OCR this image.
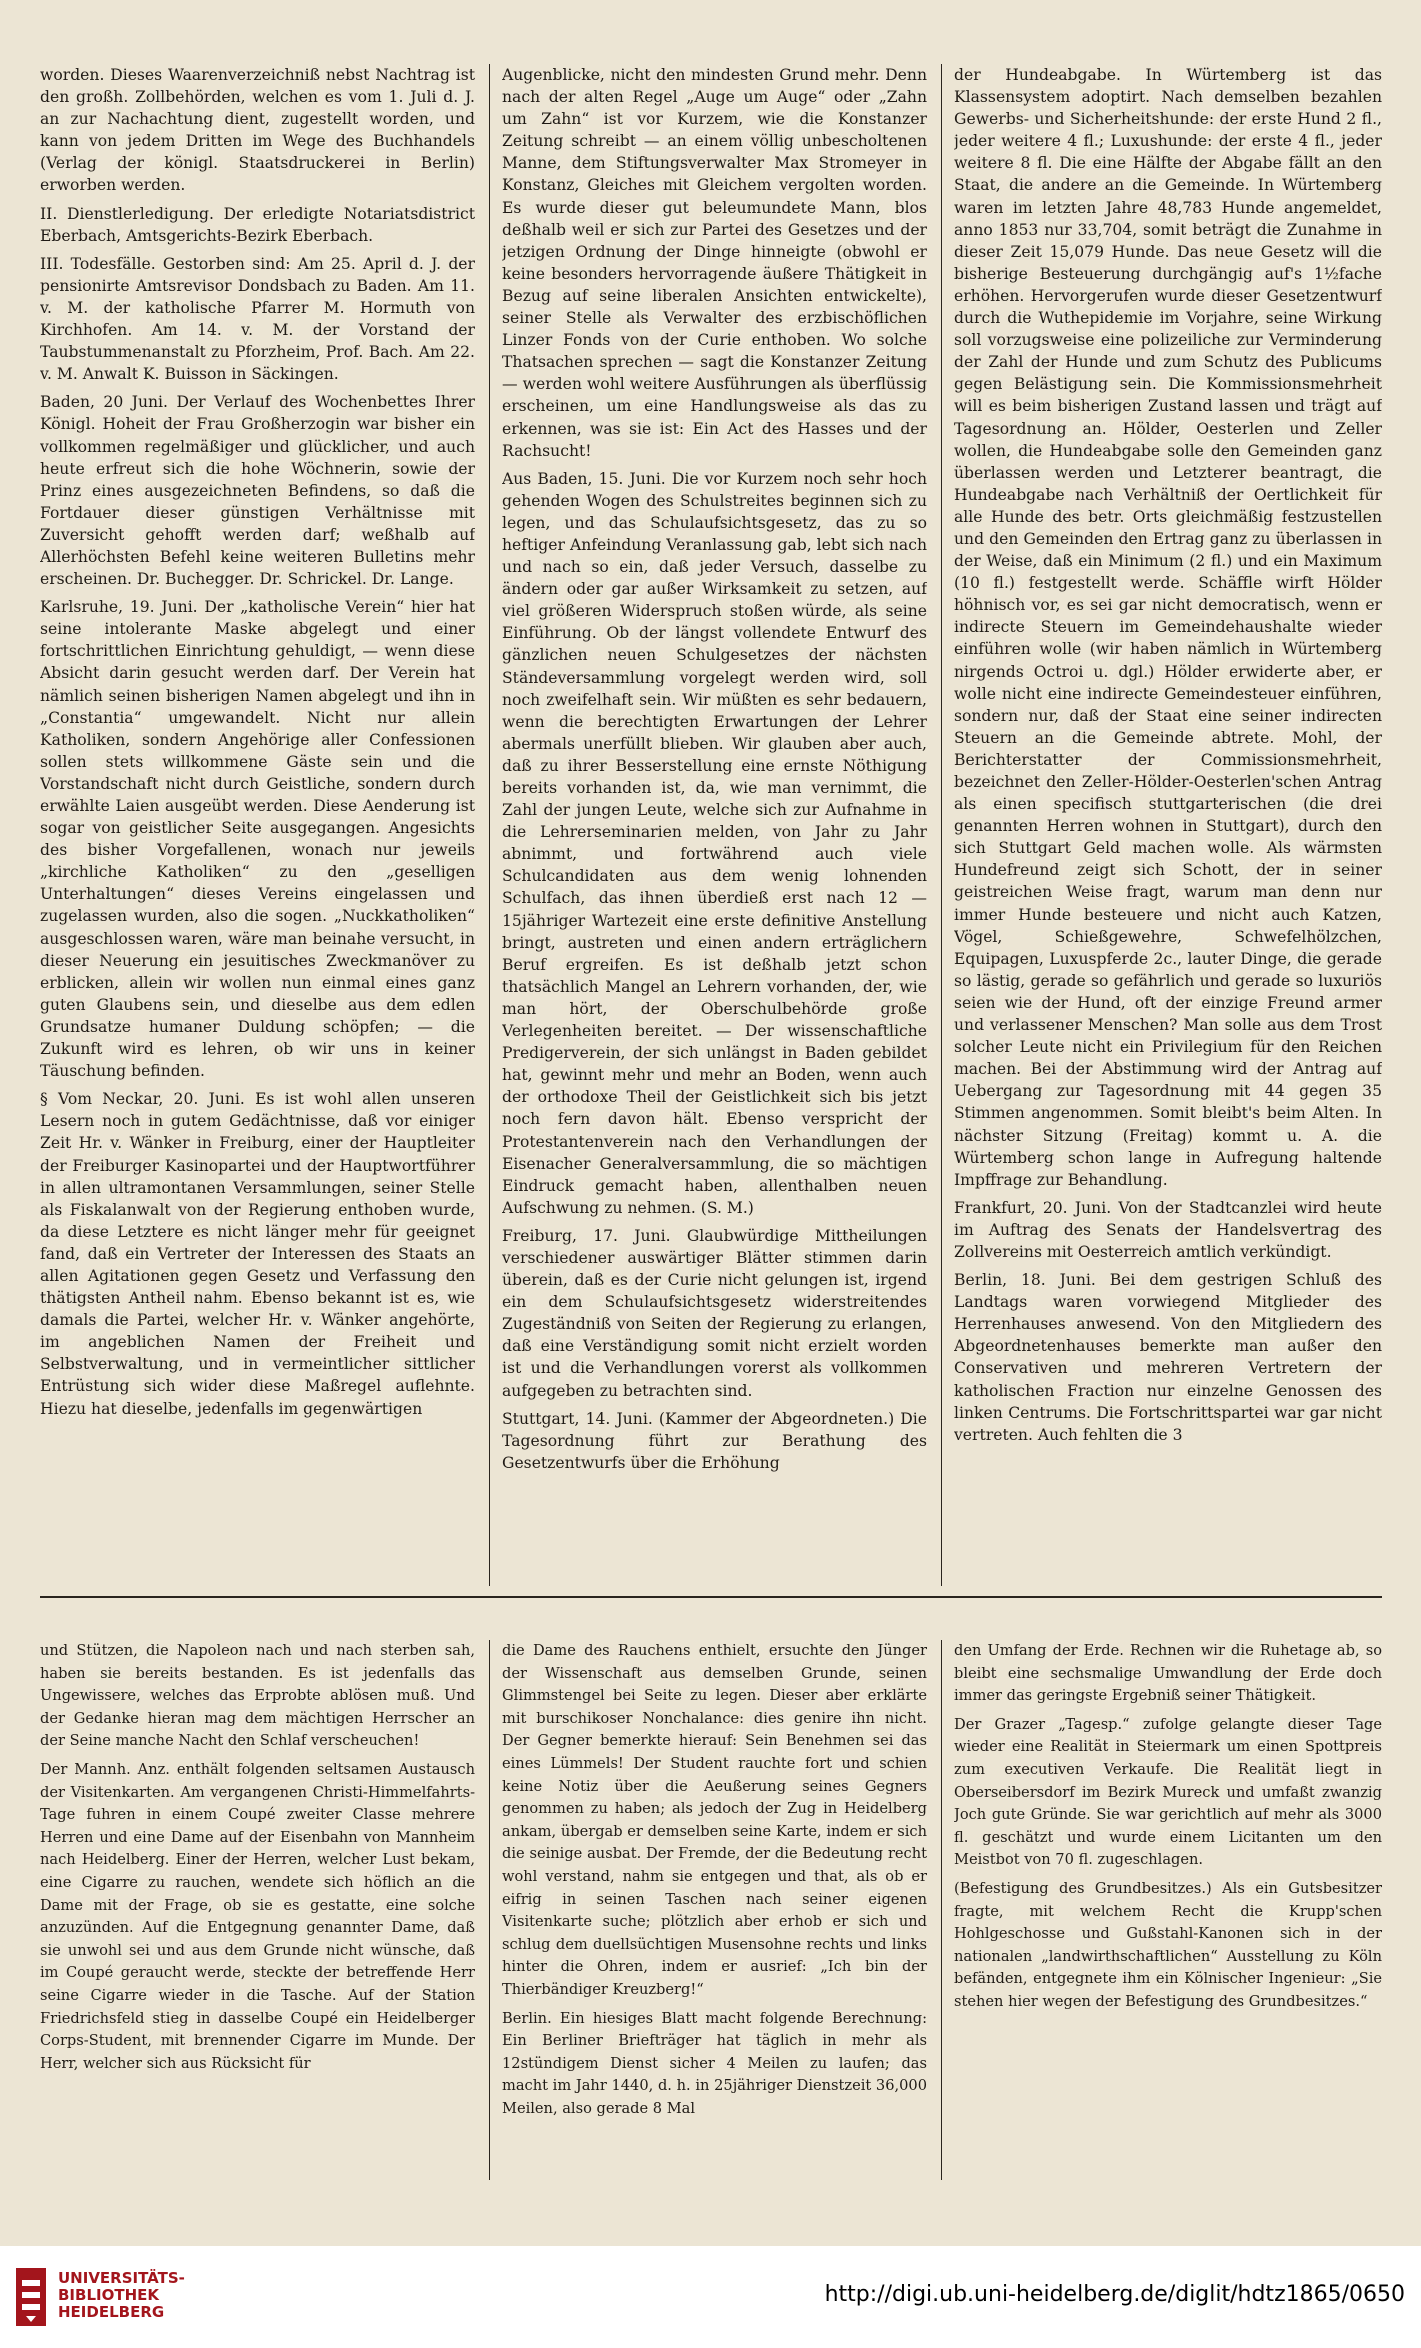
worden. Dieses Waarenverzeichniß nebst Nachtrag ist den großh. Zollbehörden, welchen es vom 1. Juli d. J. an zur Nachachtung dient, zugestellt worden, und kann von jedem Dritten im Wege des Buchhandels (Verlag der königl. Staatsdruckerei in Berlin) erworben werden.

II. Dienstlerledigung. Der erledigte Notariatsdistrict Eberbach, Amtsgerichts-Bezirk Eberbach.

III. Todesfälle. Gestorben sind: Am 25. April d. J. der pensionirte Amtsrevisor Dondsbach zu Baden. Am 11. v. M. der katholische Pfarrer M. Hormuth von Kirchhofen. Am 14. v. M. der Vorstand der Taubstummenanstalt zu Pforzheim, Prof. Bach. Am 22. v. M. Anwalt K. Buisson in Säckingen.

Baden, 20 Juni. Der Verlauf des Wochenbettes Ihrer Königl. Hoheit der Frau Großherzogin war bisher ein vollkommen regelmäßiger und glücklicher, und auch heute erfreut sich die hohe Wöchnerin, sowie der Prinz eines ausgezeichneten Befindens, so daß die Fortdauer dieser günstigen Verhältnisse mit Zuversicht gehofft werden darf; weßhalb auf Allerhöchsten Befehl keine weiteren Bulletins mehr erscheinen. Dr. Buchegger. Dr. Schrickel. Dr. Lange.

Karlsruhe, 19. Juni. Der „katholische Verein“ hier hat seine intolerante Maske abgelegt und einer fortschrittlichen Einrichtung gehuldigt, — wenn diese Absicht darin gesucht werden darf. Der Verein hat nämlich seinen bisherigen Namen abgelegt und ihn in „Constantia“ umgewandelt. Nicht nur allein Katholiken, sondern Angehörige aller Confessionen sollen stets willkommene Gäste sein und die Vorstandschaft nicht durch Geistliche, sondern durch erwählte Laien ausgeübt werden. Diese Aenderung ist sogar von geistlicher Seite ausgegangen. Angesichts des bisher Vorgefallenen, wonach nur jeweils „kirchliche Katholiken“ zu den „geselligen Unterhaltungen“ dieses Vereins eingelassen und zugelassen wurden, also die sogen. „Nuckkatholiken“ ausgeschlossen waren, wäre man beinahe versucht, in dieser Neuerung ein jesuitisches Zweckmanöver zu erblicken, allein wir wollen nun einmal eines ganz guten Glaubens sein, und dieselbe aus dem edlen Grundsatze humaner Duldung schöpfen; — die Zukunft wird es lehren, ob wir uns in keiner Täuschung befinden.

§ Vom Neckar, 20. Juni. Es ist wohl allen unseren Lesern noch in gutem Gedächtnisse, daß vor einiger Zeit Hr. v. Wänker in Freiburg, einer der Hauptleiter der Freiburger Kasinopartei und der Hauptwortführer in allen ultramontanen Versammlungen, seiner Stelle als Fiskalanwalt von der Regierung enthoben wurde, da diese Letztere es nicht länger mehr für geeignet fand, daß ein Vertreter der Interessen des Staats an allen Agitationen gegen Gesetz und Verfassung den thätigsten Antheil nahm. Ebenso bekannt ist es, wie damals die Partei, welcher Hr. v. Wänker angehörte, im angeblichen Namen der Freiheit und Selbstverwaltung, und in vermeintlicher sittlicher Entrüstung sich wider diese Maßregel auflehnte. Hiezu hat dieselbe, jedenfalls im gegenwärtigen

Augenblicke, nicht den mindesten Grund mehr. Denn nach der alten Regel „Auge um Auge“ oder „Zahn um Zahn“ ist vor Kurzem, wie die Konstanzer Zeitung schreibt — an einem völlig unbescholtenen Manne, dem Stiftungsverwalter Max Stromeyer in Konstanz, Gleiches mit Gleichem vergolten worden. Es wurde dieser gut beleumundete Mann, blos deßhalb weil er sich zur Partei des Gesetzes und der jetzigen Ordnung der Dinge hinneigte (obwohl er keine besonders hervorragende äußere Thätigkeit in Bezug auf seine liberalen Ansichten entwickelte), seiner Stelle als Verwalter des erzbischöflichen Linzer Fonds von der Curie enthoben. Wo solche Thatsachen sprechen — sagt die Konstanzer Zeitung — werden wohl weitere Ausführungen als überflüssig erscheinen, um eine Handlungsweise als das zu erkennen, was sie ist: Ein Act des Hasses und der Rachsucht!

Aus Baden, 15. Juni. Die vor Kurzem noch sehr hoch gehenden Wogen des Schulstreites beginnen sich zu legen, und das Schulaufsichtsgesetz, das zu so heftiger Anfeindung Veranlassung gab, lebt sich nach und nach so ein, daß jeder Versuch, dasselbe zu ändern oder gar außer Wirksamkeit zu setzen, auf viel größeren Widerspruch stoßen würde, als seine Einführung. Ob der längst vollendete Entwurf des gänzlichen neuen Schulgesetzes der nächsten Ständeversammlung vorgelegt werden wird, soll noch zweifelhaft sein. Wir müßten es sehr bedauern, wenn die berechtigten Erwartungen der Lehrer abermals unerfüllt blieben. Wir glauben aber auch, daß zu ihrer Besserstellung eine ernste Nöthigung bereits vorhanden ist, da, wie man vernimmt, die Zahl der jungen Leute, welche sich zur Aufnahme in die Lehrerseminarien melden, von Jahr zu Jahr abnimmt, und fortwährend auch viele Schulcandidaten aus dem wenig lohnenden Schulfach, das ihnen überdieß erst nach 12 — 15jähriger Wartezeit eine erste definitive Anstellung bringt, austreten und einen andern erträglichern Beruf ergreifen. Es ist deßhalb jetzt schon thatsächlich Mangel an Lehrern vorhanden, der, wie man hört, der Oberschulbehörde große Verlegenheiten bereitet. — Der wissenschaftliche Predigerverein, der sich unlängst in Baden gebildet hat, gewinnt mehr und mehr an Boden, wenn auch der orthodoxe Theil der Geistlichkeit sich bis jetzt noch fern davon hält. Ebenso verspricht der Protestantenverein nach den Verhandlungen der Eisenacher Generalversammlung, die so mächtigen Eindruck gemacht haben, allenthalben neuen Aufschwung zu nehmen. (S. M.)

Freiburg, 17. Juni. Glaubwürdige Mittheilungen verschiedener auswärtiger Blätter stimmen darin überein, daß es der Curie nicht gelungen ist, irgend ein dem Schulaufsichtsgesetz widerstreitendes Zugeständniß von Seiten der Regierung zu erlangen, daß eine Verständigung somit nicht erzielt worden ist und die Verhandlungen vorerst als vollkommen aufgegeben zu betrachten sind.

Stuttgart, 14. Juni. (Kammer der Abgeordneten.) Die Tagesordnung führt zur Berathung des Gesetzentwurfs über die Erhöhung

der Hundeabgabe. In Würtemberg ist das Klassensystem adoptirt. Nach demselben bezahlen Gewerbs- und Sicherheitshunde: der erste Hund 2 fl., jeder weitere 4 fl.; Luxushunde: der erste 4 fl., jeder weitere 8 fl. Die eine Hälfte der Abgabe fällt an den Staat, die andere an die Gemeinde. In Würtemberg waren im letzten Jahre 48,783 Hunde angemeldet, anno 1853 nur 33,704, somit beträgt die Zunahme in dieser Zeit 15,079 Hunde. Das neue Gesetz will die bisherige Besteuerung durchgängig auf's 1½fache erhöhen. Hervorgerufen wurde dieser Gesetzentwurf durch die Wuthepidemie im Vorjahre, seine Wirkung soll vorzugsweise eine polizeiliche zur Verminderung der Zahl der Hunde und zum Schutz des Publicums gegen Belästigung sein. Die Kommissionsmehrheit will es beim bisherigen Zustand lassen und trägt auf Tagesordnung an. Hölder, Oesterlen und Zeller wollen, die Hundeabgabe solle den Gemeinden ganz überlassen werden und Letzterer beantragt, die Hundeabgabe nach Verhältniß der Oertlichkeit für alle Hunde des betr. Orts gleichmäßig festzustellen und den Gemeinden den Ertrag ganz zu überlassen in der Weise, daß ein Minimum (2 fl.) und ein Maximum (10 fl.) festgestellt werde. Schäffle wirft Hölder höhnisch vor, es sei gar nicht democratisch, wenn er indirecte Steuern im Gemeindehaushalte wieder einführen wolle (wir haben nämlich in Würtemberg nirgends Octroi u. dgl.) Hölder erwiderte aber, er wolle nicht eine indirecte Gemeindesteuer einführen, sondern nur, daß der Staat eine seiner indirecten Steuern an die Gemeinde abtrete. Mohl, der Berichterstatter der Commissionsmehrheit, bezeichnet den Zeller-Hölder-Oesterlen'schen Antrag als einen specifisch stuttgarterischen (die drei genannten Herren wohnen in Stuttgart), durch den sich Stuttgart Geld machen wolle. Als wärmsten Hundefreund zeigt sich Schott, der in seiner geistreichen Weise fragt, warum man denn nur immer Hunde besteuere und nicht auch Katzen, Vögel, Schießgewehre, Schwefelhölzchen, Equipagen, Luxuspferde 2c., lauter Dinge, die gerade so lästig, gerade so gefährlich und gerade so luxuriös seien wie der Hund, oft der einzige Freund armer und verlassener Menschen? Man solle aus dem Trost solcher Leute nicht ein Privilegium für den Reichen machen. Bei der Abstimmung wird der Antrag auf Uebergang zur Tagesordnung mit 44 gegen 35 Stimmen angenommen. Somit bleibt's beim Alten. In nächster Sitzung (Freitag) kommt u. A. die Würtemberg schon lange in Aufregung haltende Impffrage zur Behandlung.

Frankfurt, 20. Juni. Von der Stadtcanzlei wird heute im Auftrag des Senats der Handelsvertrag des Zollvereins mit Oesterreich amtlich verkündigt.

Berlin, 18. Juni. Bei dem gestrigen Schluß des Landtags waren vorwiegend Mitglieder des Herrenhauses anwesend. Von den Mitgliedern des Abgeordnetenhauses bemerkte man außer den Conservativen und mehreren Vertretern der katholischen Fraction nur einzelne Genossen des linken Centrums. Die Fortschrittspartei war gar nicht vertreten. Auch fehlten die 3

und Stützen, die Napoleon nach und nach sterben sah, haben sie bereits bestanden. Es ist jedenfalls das Ungewissere, welches das Erprobte ablösen muß. Und der Gedanke hieran mag dem mächtigen Herrscher an der Seine manche Nacht den Schlaf verscheuchen!

Der Mannh. Anz. enthält folgenden seltsamen Austausch der Visitenkarten. Am vergangenen Christi-Himmelfahrts-Tage fuhren in einem Coupé zweiter Classe mehrere Herren und eine Dame auf der Eisenbahn von Mannheim nach Heidelberg. Einer der Herren, welcher Lust bekam, eine Cigarre zu rauchen, wendete sich höflich an die Dame mit der Frage, ob sie es gestatte, eine solche anzuzünden. Auf die Entgegnung genannter Dame, daß sie unwohl sei und aus dem Grunde nicht wünsche, daß im Coupé geraucht werde, steckte der betreffende Herr seine Cigarre wieder in die Tasche. Auf der Station Friedrichsfeld stieg in dasselbe Coupé ein Heidelberger Corps-Student, mit brennender Cigarre im Munde. Der Herr, welcher sich aus Rücksicht für

die Dame des Rauchens enthielt, ersuchte den Jünger der Wissenschaft aus demselben Grunde, seinen Glimmstengel bei Seite zu legen. Dieser aber erklärte mit burschikoser Nonchalance: dies genire ihn nicht. Der Gegner bemerkte hierauf: Sein Benehmen sei das eines Lümmels! Der Student rauchte fort und schien keine Notiz über die Aeußerung seines Gegners genommen zu haben; als jedoch der Zug in Heidelberg ankam, übergab er demselben seine Karte, indem er sich die seinige ausbat. Der Fremde, der die Bedeutung recht wohl verstand, nahm sie entgegen und that, als ob er eifrig in seinen Taschen nach seiner eigenen Visitenkarte suche; plötzlich aber erhob er sich und schlug dem duellsüchtigen Musensohne rechts und links hinter die Ohren, indem er ausrief: „Ich bin der Thierbändiger Kreuzberg!“

Berlin. Ein hiesiges Blatt macht folgende Berechnung: Ein Berliner Briefträger hat täglich in mehr als 12stündigem Dienst sicher 4 Meilen zu laufen; das macht im Jahr 1440, d. h. in 25jähriger Dienstzeit 36,000 Meilen, also gerade 8 Mal

den Umfang der Erde. Rechnen wir die Ruhetage ab, so bleibt eine sechsmalige Umwandlung der Erde doch immer das geringste Ergebniß seiner Thätigkeit.

Der Grazer „Tagesp.“ zufolge gelangte dieser Tage wieder eine Realität in Steiermark um einen Spottpreis zum executiven Verkaufe. Die Realität liegt in Oberseibersdorf im Bezirk Mureck und umfaßt zwanzig Joch gute Gründe. Sie war gerichtlich auf mehr als 3000 fl. geschätzt und wurde einem Licitanten um den Meistbot von 70 fl. zugeschlagen.

(Befestigung des Grundbesitzes.) Als ein Gutsbesitzer fragte, mit welchem Recht die Krupp'schen Hohlgeschosse und Gußstahl-Kanonen sich in der nationalen „landwirthschaftlichen“ Ausstellung zu Köln befänden, entgegnete ihm ein Kölnischer Ingenieur: „Sie stehen hier wegen der Befestigung des Grundbesitzes.“

UNIVERSITÄTS-
BIBLIOTHEK
HEIDELBERG
http://digi.ub.uni-heidelberg.de/diglit/hdtz1865/0650
